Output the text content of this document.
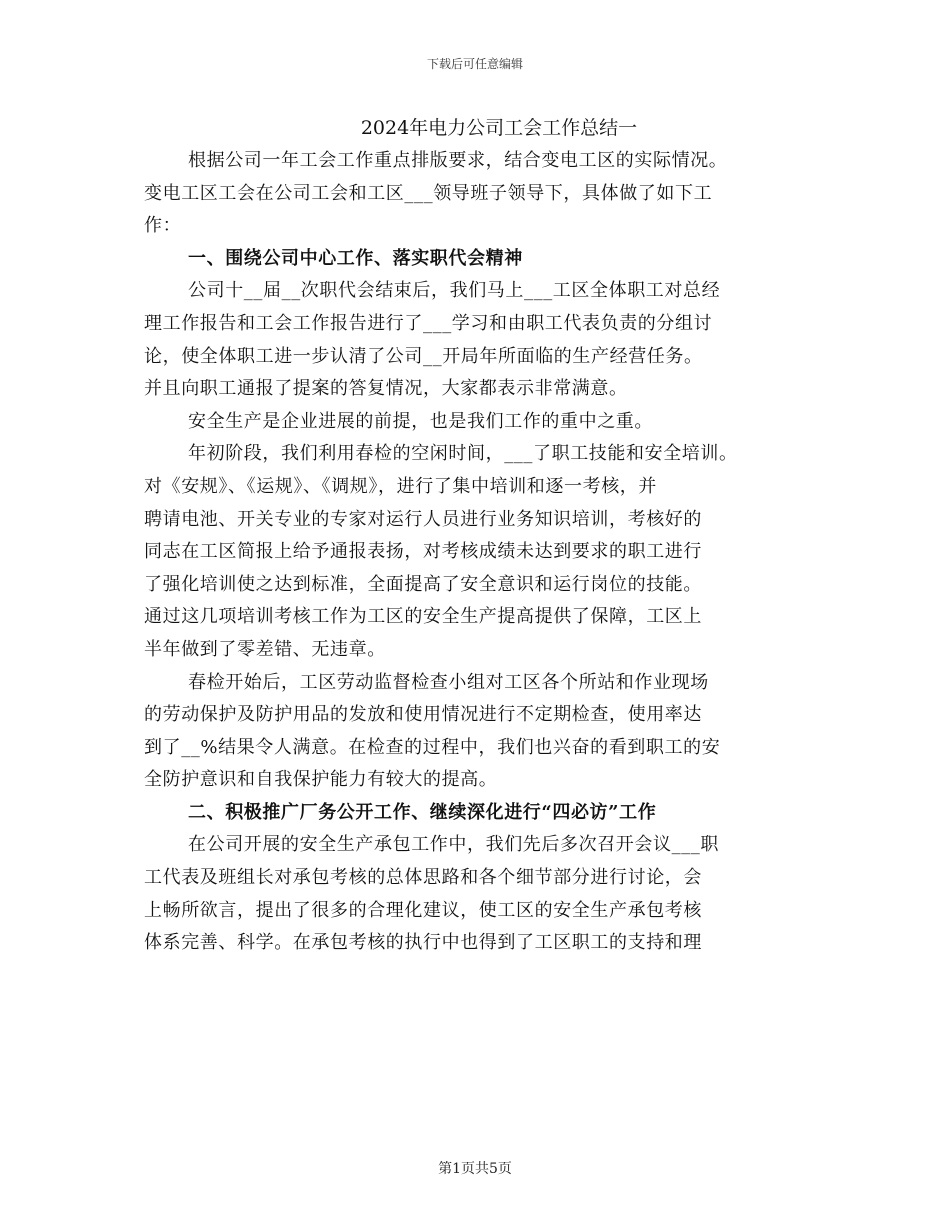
下载后可任意编辑
2024年电力公司工会工作总结一
根据公司一年工会工作重点排版要求，结合变电工区的实际情况。
变电工区工会在公司工会和工区___领导班子领导下，具体做了如下工
作：
一、围绕公司中心工作、落实职代会精神
公司十__届__次职代会结束后，我们马上___工区全体职工对总经
理工作报告和工会工作报告进行了___学习和由职工代表负责的分组讨
论，使全体职工进一步认清了公司__开局年所面临的生产经营任务。
并且向职工通报了提案的答复情况，大家都表示非常满意。
安全生产是企业进展的前提，也是我们工作的重中之重。
年初阶段，我们利用春检的空闲时间，___了职工技能和安全培训。
对《安规》、《运规》、《调规》，进行了集中培训和逐一考核，并
聘请电池、开关专业的专家对运行人员进行业务知识培训，考核好的
同志在工区简报上给予通报表扬，对考核成绩未达到要求的职工进行
了强化培训使之达到标准，全面提高了安全意识和运行岗位的技能。
通过这几项培训考核工作为工区的安全生产提高提供了保障，工区上
半年做到了零差错、无违章。
春检开始后，工区劳动监督检查小组对工区各个所站和作业现场
的劳动保护及防护用品的发放和使用情况进行不定期检查，使用率达
到了__%结果令人满意。在检查的过程中，我们也兴奋的看到职工的安
全防护意识和自我保护能力有较大的提高。
二、积极推广厂务公开工作、继续深化进行“四必访”工作
在公司开展的安全生产承包工作中，我们先后多次召开会议___职
工代表及班组长对承包考核的总体思路和各个细节部分进行讨论，会
上畅所欲言，提出了很多的合理化建议，使工区的安全生产承包考核
体系完善、科学。在承包考核的执行中也得到了工区职工的支持和理
第1页共5页
